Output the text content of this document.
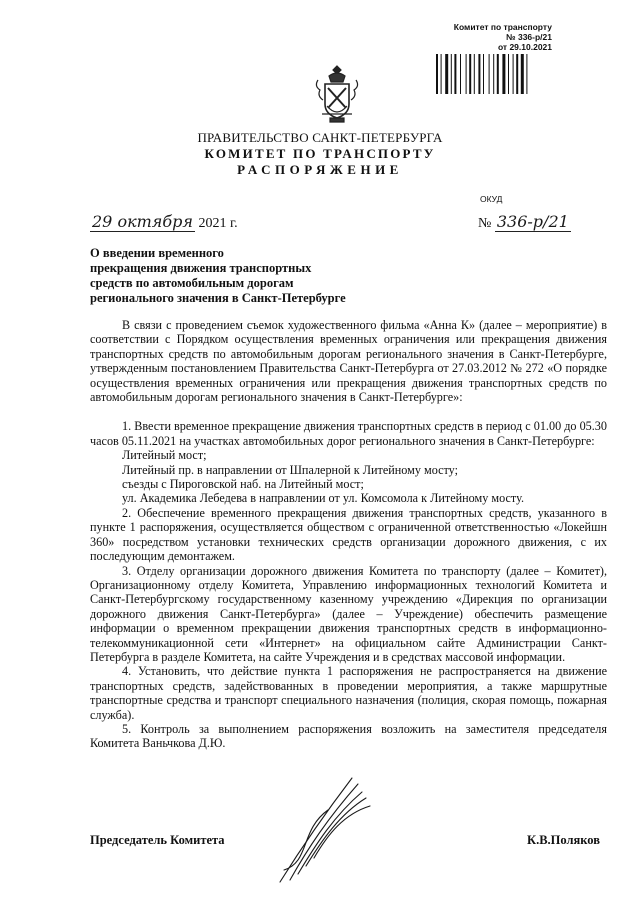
Комитет по транспорту
№ 336-р/21
от 29.10.2021
ПРАВИТЕЛЬСТВО САНКТ-ПЕТЕРБУРГА
КОМИТЕТ ПО ТРАНСПОРТУ
РАСПОРЯЖЕНИЕ
ОКУД
29 октября 2021 г.	№ 336-р/21
О введении временного
прекращения движения транспортных
средств по автомобильным дорогам
регионального значения в Санкт-Петербурге

В связи с проведением съемок художественного фильма «Анна К» (далее – мероприятие) в соответствии с Порядком осуществления временных ограничения или прекращения движения транспортных средств по автомобильным дорогам регионального значения в Санкт-Петербурге, утвержденным постановлением Правительства Санкт-Петербурга от 27.03.2012 № 272 «О порядке осуществления временных ограничения или прекращения движения транспортных средств по автомобильным дорогам регионального значения в Санкт-Петербурге»:

1. Ввести временное прекращение движения транспортных средств в период с 01.00 до 05.30 часов 05.11.2021 на участках автомобильных дорог регионального значения в Санкт-Петербурге:

Литейный мост;

Литейный пр. в направлении от Шпалерной к Литейному мосту;

съезды с Пироговской наб. на Литейный мост;

ул. Академика Лебедева в направлении от ул. Комсомола к Литейному мосту.

2. Обеспечение временного прекращения движения транспортных средств, указанного в пункте 1 распоряжения, осуществляется обществом с ограниченной ответственностью «Локейшн 360» посредством установки технических средств организации дорожного движения, с их последующим демонтажем.

3. Отделу организации дорожного движения Комитета по транспорту (далее – Комитет), Организационному отделу Комитета, Управлению информационных технологий Комитета и Санкт-Петербургскому государственному казенному учреждению «Дирекция по организации дорожного движения Санкт-Петербурга» (далее – Учреждение) обеспечить размещение информации о временном прекращении движения транспортных средств в информационно-телекоммуникационной сети «Интернет» на официальном сайте Администрации Санкт-Петербурга в разделе Комитета, на сайте Учреждения и в средствах массовой информации.

4. Установить, что действие пункта 1 распоряжения не распространяется на движение транспортных средств, задействованных в проведении мероприятия, а также маршрутные транспортные средства и транспорт специального назначения (полиция, скорая помощь, пожарная служба).

5. Контроль за выполнением распоряжения возложить на заместителя председателя Комитета Ваньчкова Д.Ю.

Председатель Комитета	К.В.Поляков
